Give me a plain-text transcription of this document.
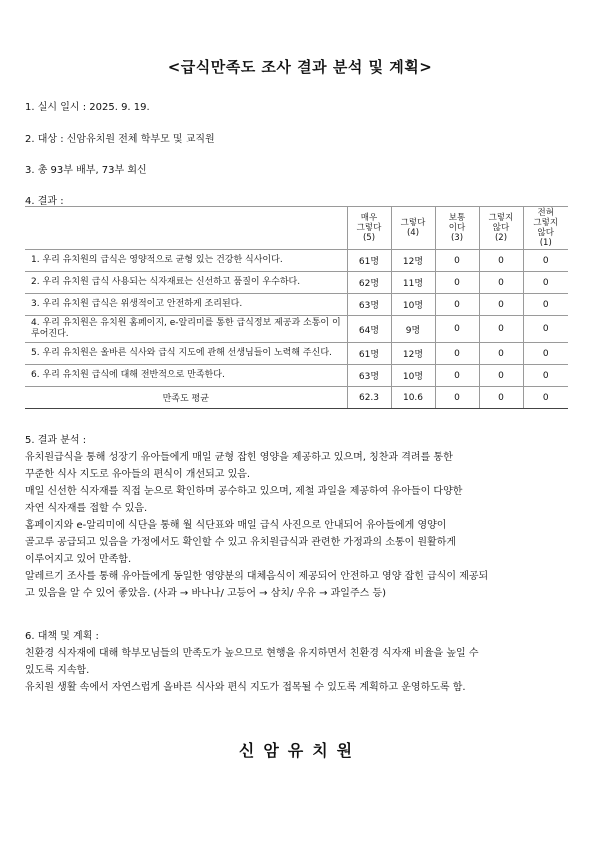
<급식만족도 조사 결과 분석 및 계획>
1. 실시 일시 : 2025. 9. 19.
2. 대상 : 신암유치원 전체 학부모 및 교직원
3. 총 93부 배부, 73부 회신
4. 결과 :

	매우
그렇다
(5)	그렇다
(4)	보통
이다
(3)	그렇지
않다
(2)	전혀
그렇지
않다
(1)

1. 우리 유치원의 급식은 영양적으로 균형 있는 건강한 식사이다.	61명	12명	0	0	0
2. 우리 유치원 급식 사용되는 식자재료는 신선하고 품질이 우수하다.	62명	11명	0	0	0
3. 우리 유치원 급식은 위생적이고 안전하게 조리된다.	63명	10명	0	0	0
4. 우리 유치원은 유치원 홈페이지, e-알리미를 통한 급식정보 제공과 소통이 이루어진다.	64명	9명	0	0	0
5. 우리 유치원은 올바른 식사와 급식 지도에 관해 선생님들이 노력해 주신다.	61명	12명	0	0	0
6. 우리 유치원 급식에 대해 전반적으로 만족한다.	63명	10명	0	0	0
만족도 평균	62.3	10.6	0	0	0

5. 결과 분석 :

유치원급식을 통해 성장기 유아들에게 매일 균형 잡힌 영양을 제공하고 있으며, 칭찬과 격려를 통한

꾸준한 식사 지도로 유아들의 편식이 개선되고 있음.

매일 신선한 식자재를 직접 눈으로 확인하며 공수하고 있으며, 제철 과일을 제공하여 유아들이 다양한

자연 식자재를 접할 수 있음.

홈페이지와 e-알리미에 식단을 통해 월 식단표와 매일 급식 사진으로 안내되어 유아들에게 영양이

골고루 공급되고 있음을 가정에서도 확인할 수 있고 유치원급식과 관련한 가정과의 소통이 원활하게

이루어지고 있어 만족함.

알레르기 조사를 통해 유아들에게 동일한 영양분의 대체음식이 제공되어 안전하고 영양 잡힌 급식이 제공되

고 있음을 알 수 있어 좋았음. (사과 → 바나나/ 고등어 → 삼치/ 우유 → 과일주스 등)

6. 대책 및 계획 :

친환경 식자재에 대해 학부모님들의 만족도가 높으므로 현행을 유지하면서 친환경 식자재 비율을 높일 수

있도록 지속함.

유치원 생활 속에서 자연스럽게 올바른 식사와 편식 지도가 접목될 수 있도록 계획하고 운영하도록 함.

신암유치원
